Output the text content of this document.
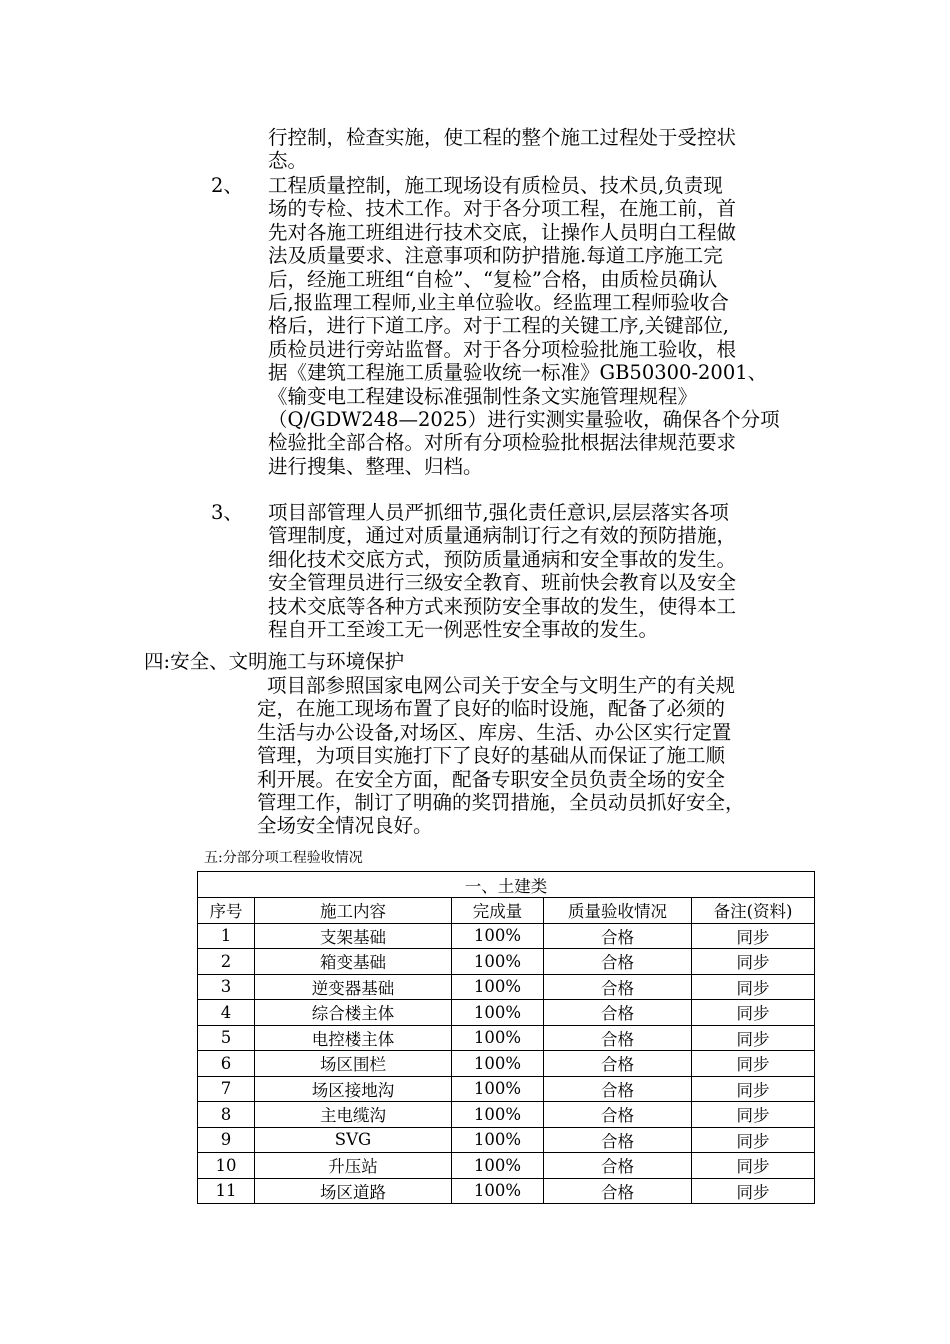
行控制，检查实施，使工程的整个施工过程处于受控状
态。
2、 工程质量控制，施工现场设有质检员、技术员,负责现
场的专检、技术工作。对于各分项工程，在施工前，首
先对各施工班组进行技术交底，让操作人员明白工程做
法及质量要求、注意事项和防护措施.每道工序施工完
后，经施工班组“自检”、“复检”合格，由质检员确认
后,报监理工程师,业主单位验收。经监理工程师验收合
格后，进行下道工序。对于工程的关键工序,关键部位,
质检员进行旁站监督。对于各分项检验批施工验收，根
据《建筑工程施工质量验收统一标准》GB50300-2001、
《输变电工程建设标准强制性条文实施管理规程》
（Q/GDW248—2025）进行实测实量验收，确保各个分项
检验批全部合格。对所有分项检验批根据法律规范要求
进行搜集、整理、归档。
3、 项目部管理人员严抓细节,强化责任意识,层层落实各项
管理制度，通过对质量通病制订行之有效的预防措施，
细化技术交底方式，预防质量通病和安全事故的发生。
安全管理员进行三级安全教育、班前快会教育以及安全
技术交底等各种方式来预防安全事故的发生，使得本工
程自开工至竣工无一例恶性安全事故的发生。
四:安全、文明施工与环境保护
项目部参照国家电网公司关于安全与文明生产的有关规
定，在施工现场布置了良好的临时设施，配备了必须的
生活与办公设备,对场区、库房、生活、办公区实行定置
管理，为项目实施打下了良好的基础从而保证了施工顺
利开展。在安全方面，配备专职安全员负责全场的安全
管理工作，制订了明确的奖罚措施，全员动员抓好安全，
全场安全情况良好。
五:分部分项工程验收情况
一、土建类				
序号	施工内容	完成量	质量验收情况	备注(资料)
1	支架基础	100%	合格	同步
2	箱变基础	100%	合格	同步
3	逆变器基础	100%	合格	同步
4	综合楼主体	100%	合格	同步
5	电控楼主体	100%	合格	同步
6	场区围栏	100%	合格	同步
7	场区接地沟	100%	合格	同步
8	主电缆沟	100%	合格	同步
9	SVG	100%	合格	同步
10	升压站	100%	合格	同步
11	场区道路	100%	合格	同步
